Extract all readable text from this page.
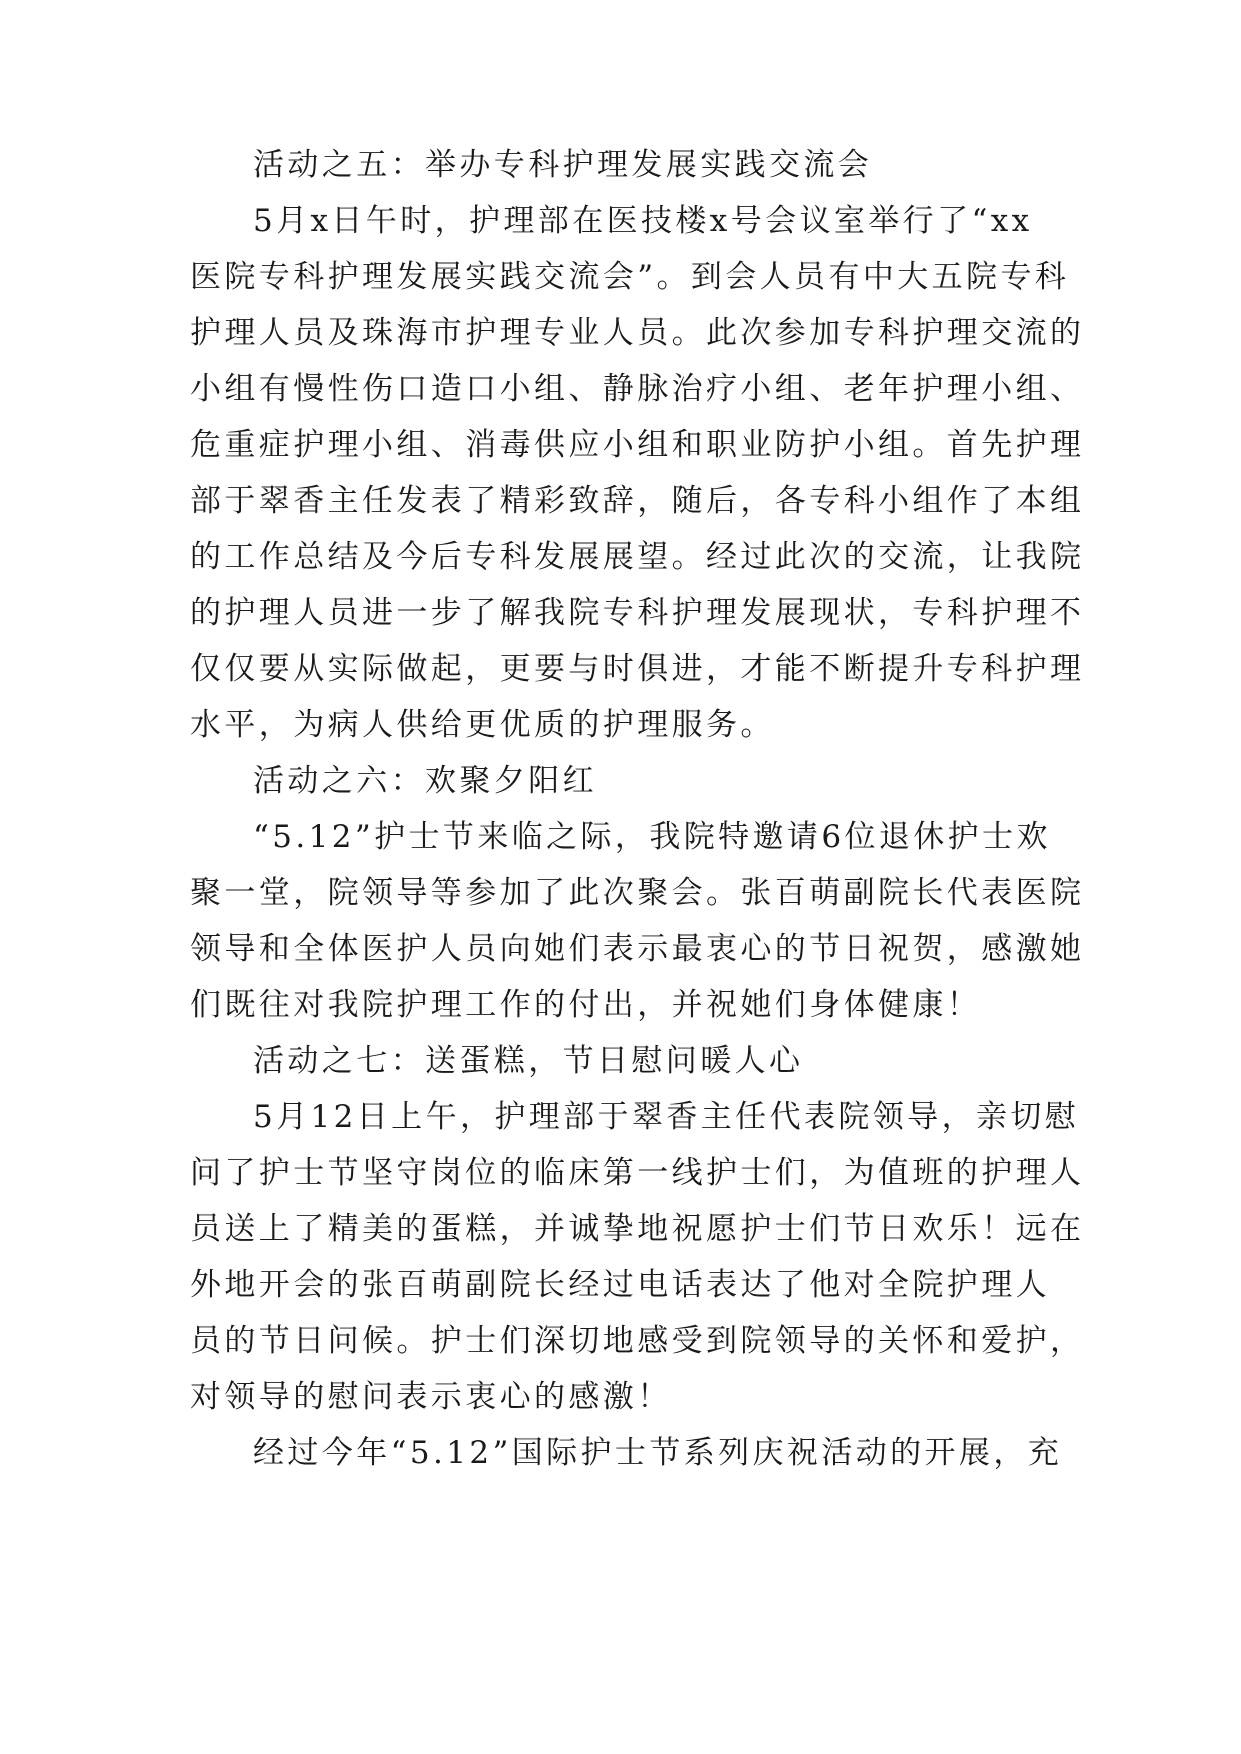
活动之五：举办专科护理发展实践交流会
5月x日午时，护理部在医技楼x号会议室举行了“xx
医院专科护理发展实践交流会”。到会人员有中大五院专科
护理人员及珠海市护理专业人员。此次参加专科护理交流的
小组有慢性伤口造口小组、静脉治疗小组、老年护理小组、
危重症护理小组、消毒供应小组和职业防护小组。首先护理
部于翠香主任发表了精彩致辞，随后，各专科小组作了本组
的工作总结及今后专科发展展望。经过此次的交流，让我院
的护理人员进一步了解我院专科护理发展现状，专科护理不
仅仅要从实际做起，更要与时俱进，才能不断提升专科护理
水平，为病人供给更优质的护理服务。
活动之六：欢聚夕阳红
“5.12”护士节来临之际，我院特邀请6位退休护士欢
聚一堂，院领导等参加了此次聚会。张百萌副院长代表医院
领导和全体医护人员向她们表示最衷心的节日祝贺，感激她
们既往对我院护理工作的付出，并祝她们身体健康！
活动之七：送蛋糕，节日慰问暖人心
5月12日上午，护理部于翠香主任代表院领导，亲切慰
问了护士节坚守岗位的临床第一线护士们，为值班的护理人
员送上了精美的蛋糕，并诚挚地祝愿护士们节日欢乐！远在
外地开会的张百萌副院长经过电话表达了他对全院护理人
员的节日问候。护士们深切地感受到院领导的关怀和爱护，
对领导的慰问表示衷心的感激！
经过今年“5.12”国际护士节系列庆祝活动的开展，充
